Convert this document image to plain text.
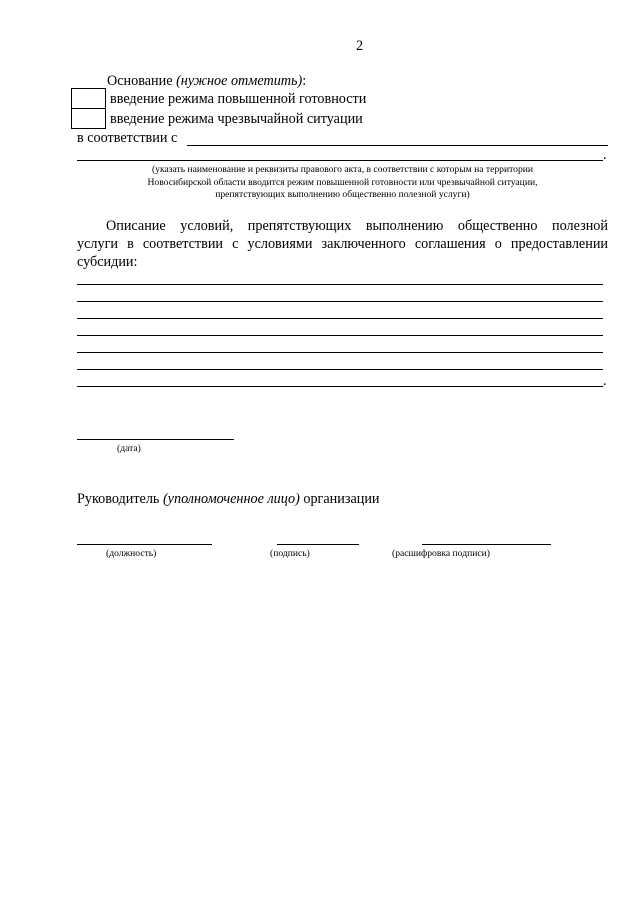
2
Основание (нужное отметить):
введение режима повышенной готовности
введение режима чрезвычайной ситуации
в соответствии с
.
(указать наименование и реквизиты правового акта, в соответствии с которым на территории
Новосибирской области вводится режим повышенной готовности или чрезвычайной ситуации,
препятствующих выполнению общественно полезной услуги)
Описание условий, препятствующих выполнению общественно полезной
услуги в соответствии с условиями заключенного соглашения о предоставлении
субсидии:
.
(дата)
Руководитель (уполномоченное лицо) организации
(должность)	(подпись)	(расшифровка подписи)
